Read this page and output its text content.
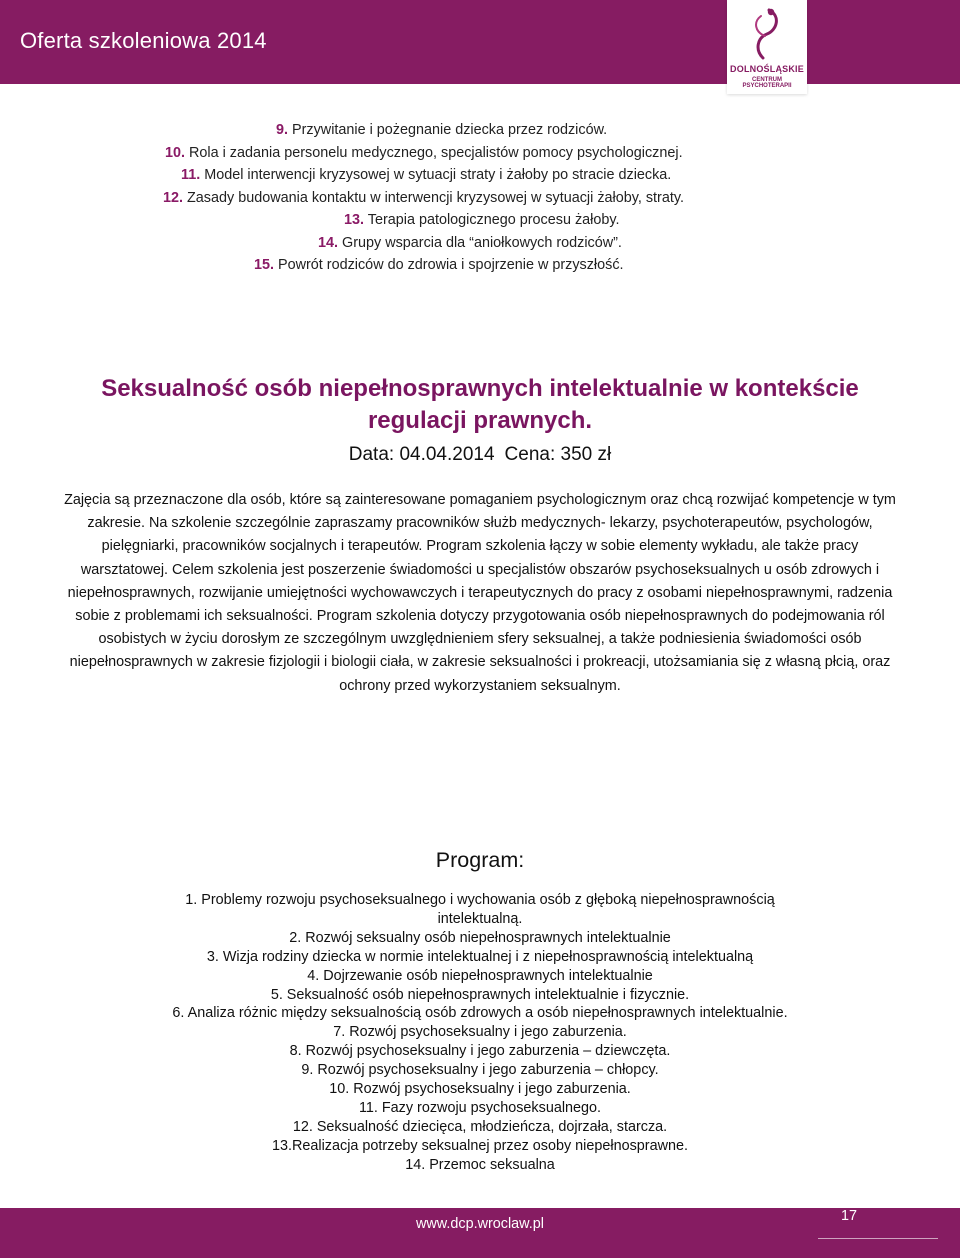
Oferta szkoleniowa 2014
DOLNOŚLĄSKIE
CENTRUM PSYCHOTERAPII
9. Przywitanie i pożegnanie dziecka przez rodziców.
10. Rola i zadania personelu medycznego, specjalistów pomocy psychologicznej.
11. Model interwencji kryzysowej w sytuacji straty i żałoby po stracie dziecka.
12. Zasady budowania kontaktu w interwencji kryzysowej w sytuacji żałoby, straty.
13. Terapia patologicznego procesu żałoby.
14. Grupy wsparcia dla “aniołkowych rodziców”.
15. Powrót rodziców do zdrowia i spojrzenie w przyszłość.
Seksualność osób niepełnosprawnych intelektualnie w kontekście regulacji prawnych.
Data: 04.04.2014 Cena: 350 zł

Zajęcia są przeznaczone dla osób, które są zainteresowane pomaganiem psychologicznym oraz chcą rozwijać kompetencje w tym zakresie. Na szkolenie szczególnie zapraszamy pracowników służb medycznych- lekarzy, psychoterapeutów, psychologów, pielęgniarki, pracowników socjalnych i terapeutów. Program szkolenia łączy w sobie elementy wykładu, ale także pracy warsztatowej. Celem szkolenia jest poszerzenie świadomości u specjalistów obszarów psychoseksualnych u osób zdrowych i niepełnosprawnych, rozwijanie umiejętności wychowawczych i terapeutycznych do pracy z osobami niepełnosprawnymi, radzenia sobie z problemami ich seksualności. Program szkolenia dotyczy przygotowania osób niepełnosprawnych do podejmowania ról osobistych w życiu dorosłym ze szczególnym uwzględnieniem sfery seksualnej, a także podniesienia świadomości osób niepełnosprawnych w zakresie fizjologii i biologii ciała, w zakresie seksualności i prokreacji, utożsamiania się z własną płcią, oraz ochrony przed wykorzystaniem seksualnym.

Program:
1. Problemy rozwoju psychoseksualnego i wychowania osób z głęboką niepełnosprawnością intelektualną.
2. Rozwój seksualny osób niepełnosprawnych intelektualnie
3. Wizja rodziny dziecka w normie intelektualnej i z niepełnosprawnością intelektualną
4. Dojrzewanie osób niepełnosprawnych intelektualnie
5. Seksualność osób niepełnosprawnych intelektualnie i fizycznie.
6. Analiza różnic między seksualnością osób zdrowych a osób niepełnosprawnych intelektualnie.
7. Rozwój psychoseksualny i jego zaburzenia.
8. Rozwój psychoseksualny i jego zaburzenia – dziewczęta.
9. Rozwój psychoseksualny i jego zaburzenia – chłopcy.
10. Rozwój psychoseksualny i jego zaburzenia.
11. Fazy rozwoju psychoseksualnego.
12. Seksualność dziecięca, młodzieńcza, dojrzała, starcza.
13.Realizacja potrzeby seksualnej przez osoby niepełnosprawne.
14. Przemoc seksualna
www.dcp.wroclaw.pl	17
